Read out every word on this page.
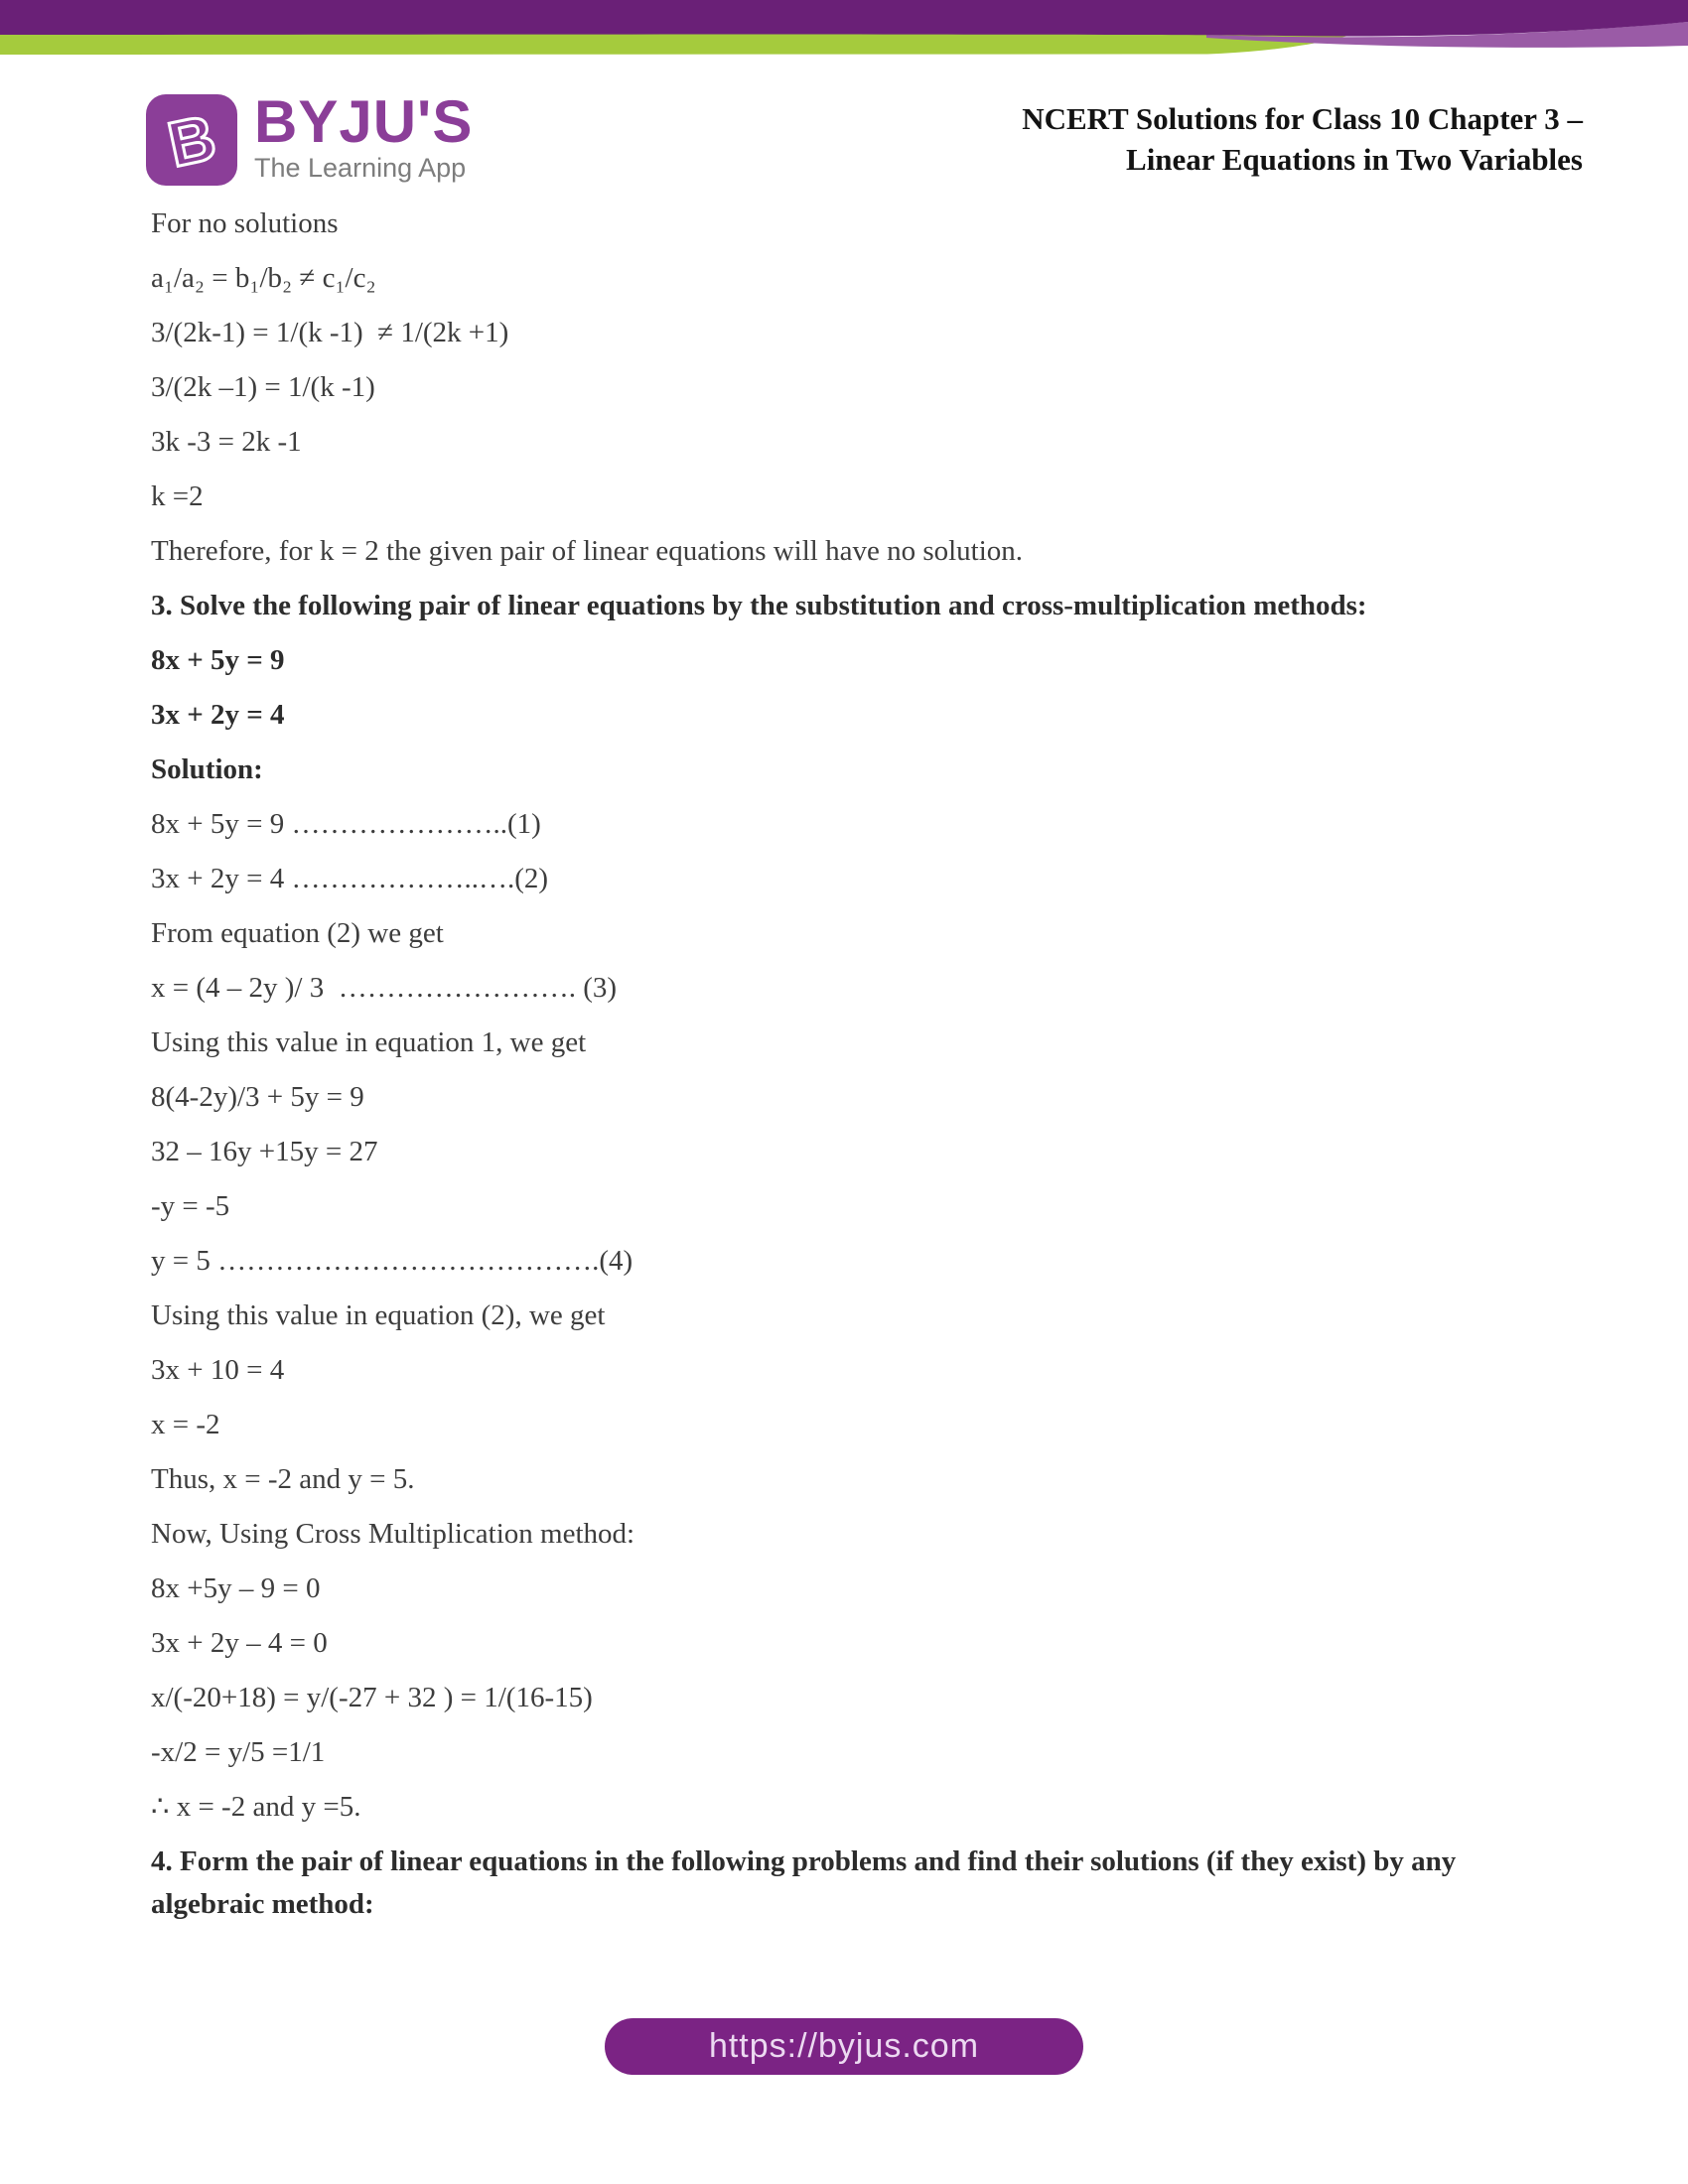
B BYJU'S
The Learning App
NCERT Solutions for Class 10 Chapter 3 –
Linear Equations in Two Variables

For no solutions

a₁/a₂ = b₁/b₂ ≠ c₁/c₂

3/(2k-1) = 1/(k -1)  ≠ 1/(2k +1)

3/(2k –1) = 1/(k -1)

3k -3 = 2k -1

k =2

Therefore, for k = 2 the given pair of linear equations will have no solution.

3. Solve the following pair of linear equations by the substitution and cross-multiplication methods:

8x + 5y = 9

3x + 2y = 4

Solution:

8x + 5y = 9 …………………..(1)

3x + 2y = 4 ………………..….(2)

From equation (2) we get

x = (4 – 2y )/ 3  ……………………. (3)

Using this value in equation 1, we get

8(4-2y)/3 + 5y = 9

32 – 16y +15y = 27

-y = -5

y = 5 ………………………………….(4)

Using this value in equation (2), we get

3x + 10 = 4

x = -2

Thus, x = -2 and y = 5.

Now, Using Cross Multiplication method:

8x +5y – 9 = 0

3x + 2y – 4 = 0

x/(-20+18) = y/(-27 + 32 ) = 1/(16-15)

-x/2 = y/5 =1/1

∴ x = -2 and y =5.

4. Form the pair of linear equations in the following problems and find their solutions (if they exist) by any algebraic method:

https://byjus.com
